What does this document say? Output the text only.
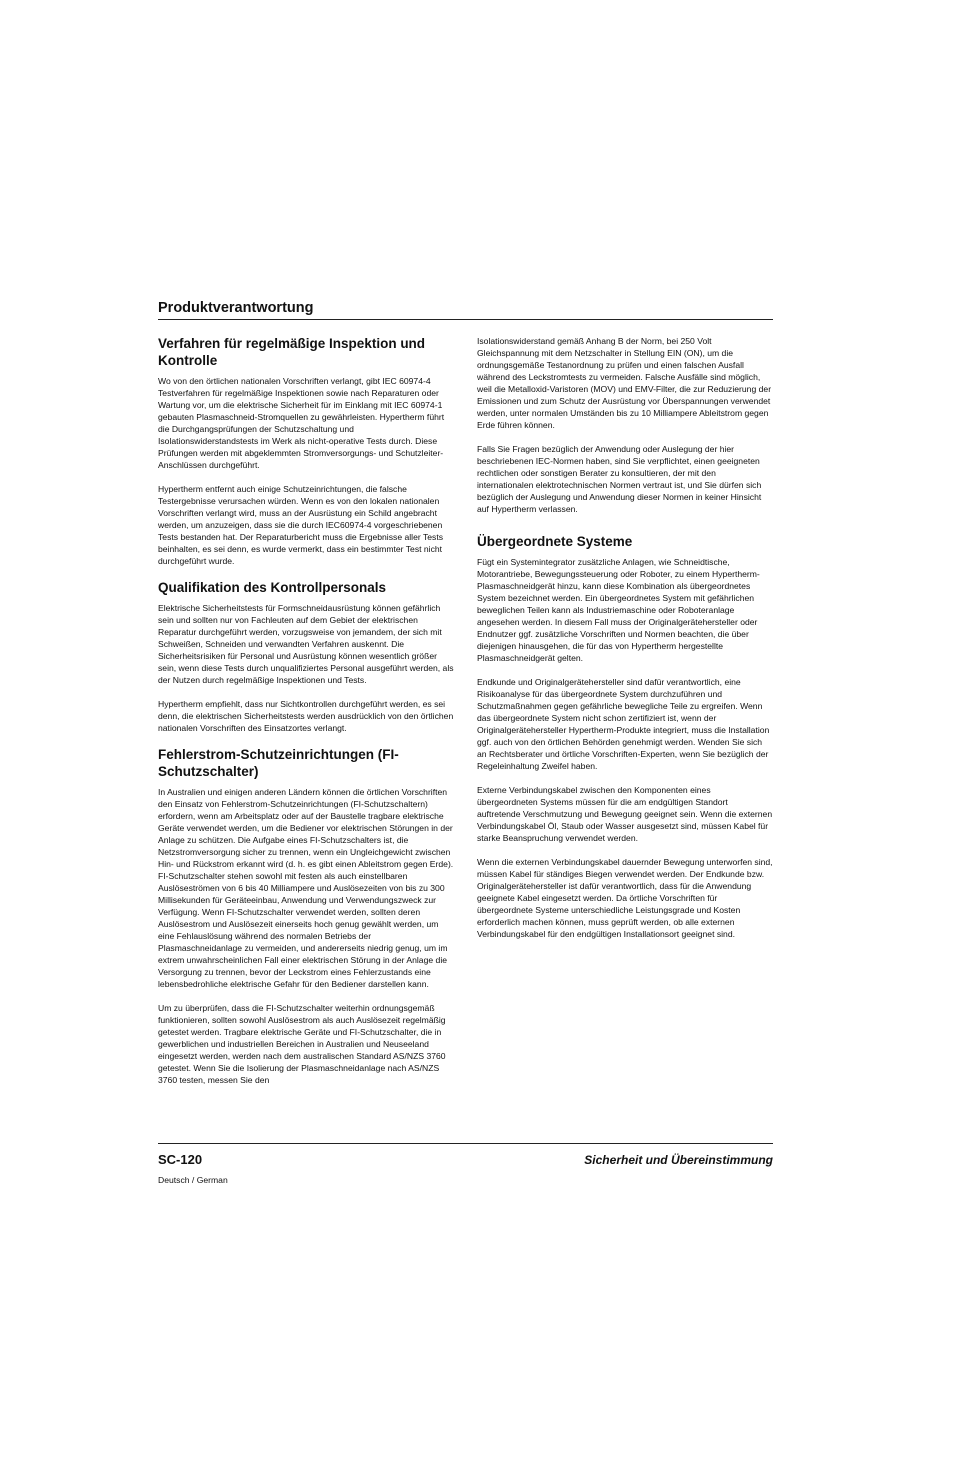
Produktverantwortung
Verfahren für regelmäßige Inspektion und Kontrolle

Wo von den örtlichen nationalen Vorschriften verlangt, gibt IEC 60974-4 Testverfahren für regelmäßige Inspektionen sowie nach Reparaturen oder Wartung vor, um die elektrische Sicherheit für im Einklang mit IEC 60974-1 gebauten Plasmaschneid-Stromquellen zu gewährleisten. Hypertherm führt die Durchgangsprüfungen der Schutzschaltung und Isolationswiderstandstests im Werk als nicht-operative Tests durch. Diese Prüfungen werden mit abgeklemmten Stromversorgungs- und Schutzleiter-Anschlüssen durchgeführt.

Hypertherm entfernt auch einige Schutzeinrichtungen, die falsche Testergebnisse verursachen würden. Wenn es von den lokalen nationalen Vorschriften verlangt wird, muss an der Ausrüstung ein Schild angebracht werden, um anzuzeigen, dass sie die durch IEC60974-4 vorgeschriebenen Tests bestanden hat. Der Reparaturbericht muss die Ergebnisse aller Tests beinhalten, es sei denn, es wurde vermerkt, dass ein bestimmter Test nicht durchgeführt wurde.

Qualifikation des Kontrollpersonals

Elektrische Sicherheitstests für Formschneidausrüstung können gefährlich sein und sollten nur von Fachleuten auf dem Gebiet der elektrischen Reparatur durchgeführt werden, vorzugsweise von jemandem, der sich mit Schweißen, Schneiden und verwandten Verfahren auskennt. Die Sicherheitsrisiken für Personal und Ausrüstung können wesentlich größer sein, wenn diese Tests durch unqualifiziertes Personal ausgeführt werden, als der Nutzen durch regelmäßige Inspektionen und Tests.

Hypertherm empfiehlt, dass nur Sichtkontrollen durchgeführt werden, es sei denn, die elektrischen Sicherheitstests werden ausdrücklich von den örtlichen nationalen Vorschriften des Einsatzortes verlangt.

Fehlerstrom-Schutzeinrichtungen (FI-Schutzschalter)

In Australien und einigen anderen Ländern können die örtlichen Vorschriften den Einsatz von Fehlerstrom-Schutzeinrichtungen (FI-Schutzschaltern) erfordern, wenn am Arbeitsplatz oder auf der Baustelle tragbare elektrische Geräte verwendet werden, um die Bediener vor elektrischen Störungen in der Anlage zu schützen. Die Aufgabe eines FI-Schutzschalters ist, die Netzstromversorgung sicher zu trennen, wenn ein Ungleichgewicht zwischen Hin- und Rückstrom erkannt wird (d. h. es gibt einen Ableitstrom gegen Erde). FI-Schutzschalter stehen sowohl mit festen als auch einstellbaren Auslöseströmen von 6 bis 40 Milliampere und Auslösezeiten von bis zu 300 Millisekunden für Geräteeinbau, Anwendung und Verwendungszweck zur Verfügung. Wenn FI-Schutzschalter verwendet werden, sollten deren Auslösestrom und Auslösezeit einerseits hoch genug gewählt werden, um eine Fehlauslösung während des normalen Betriebs der Plasmaschneidanlage zu vermeiden, und andererseits niedrig genug, um im extrem unwahrscheinlichen Fall einer elektrischen Störung in der Anlage die Versorgung zu trennen, bevor der Leckstrom eines Fehlerzustands eine lebensbedrohliche elektrische Gefahr für den Bediener darstellen kann.

Um zu überprüfen, dass die FI-Schutzschalter weiterhin ordnungsgemäß funktionieren, sollten sowohl Auslösestrom als auch Auslösezeit regelmäßig getestet werden. Tragbare elektrische Geräte und FI-Schutzschalter, die in gewerblichen und industriellen Bereichen in Australien und Neuseeland eingesetzt werden, werden nach dem australischen Standard AS/NZS 3760 getestet. Wenn Sie die Isolierung der Plasmaschneidanlage nach AS/NZS 3760 testen, messen Sie den

Isolationswiderstand gemäß Anhang B der Norm, bei 250 Volt Gleichspannung mit dem Netzschalter in Stellung EIN (ON), um die ordnungsgemäße Testanordnung zu prüfen und einen falschen Ausfall während des Leckstromtests zu vermeiden. Falsche Ausfälle sind möglich, weil die Metalloxid-Varistoren (MOV) und EMV-Filter, die zur Reduzierung der Emissionen und zum Schutz der Ausrüstung vor Überspannungen verwendet werden, unter normalen Umständen bis zu 10 Milliampere Ableitstrom gegen Erde führen können.

Falls Sie Fragen bezüglich der Anwendung oder Auslegung der hier beschriebenen IEC-Normen haben, sind Sie verpflichtet, einen geeigneten rechtlichen oder sonstigen Berater zu konsultieren, der mit den internationalen elektrotechnischen Normen vertraut ist, und Sie dürfen sich bezüglich der Auslegung und Anwendung dieser Normen in keiner Hinsicht auf Hypertherm verlassen.

Übergeordnete Systeme

Fügt ein Systemintegrator zusätzliche Anlagen, wie Schneidtische, Motorantriebe, Bewegungssteuerung oder Roboter, zu einem Hypertherm-Plasmaschneidgerät hinzu, kann diese Kombination als übergeordnetes System bezeichnet werden. Ein übergeordnetes System mit gefährlichen beweglichen Teilen kann als Industriemaschine oder Roboteranlage angesehen werden. In diesem Fall muss der Originalgerätehersteller oder Endnutzer ggf. zusätzliche Vorschriften und Normen beachten, die über diejenigen hinausgehen, die für das von Hypertherm hergestellte Plasmaschneidgerät gelten.

Endkunde und Originalgerätehersteller sind dafür verantwortlich, eine Risikoanalyse für das übergeordnete System durchzuführen und Schutzmaßnahmen gegen gefährliche bewegliche Teile zu ergreifen. Wenn das übergeordnete System nicht schon zertifiziert ist, wenn der Originalgerätehersteller Hypertherm-Produkte integriert, muss die Installation ggf. auch von den örtlichen Behörden genehmigt werden. Wenden Sie sich an Rechtsberater und örtliche Vorschriften-Experten, wenn Sie bezüglich der Regeleinhaltung Zweifel haben.

Externe Verbindungskabel zwischen den Komponenten eines übergeordneten Systems müssen für die am endgültigen Standort auftretende Verschmutzung und Bewegung geeignet sein. Wenn die externen Verbindungskabel Öl, Staub oder Wasser ausgesetzt sind, müssen Kabel für starke Beanspruchung verwendet werden.

Wenn die externen Verbindungskabel dauernder Bewegung unterworfen sind, müssen Kabel für ständiges Biegen verwendet werden. Der Endkunde bzw. Originalgerätehersteller ist dafür verantwortlich, dass für die Anwendung geeignete Kabel eingesetzt werden. Da örtliche Vorschriften für übergeordnete Systeme unterschiedliche Leistungsgrade und Kosten erforderlich machen können, muss geprüft werden, ob alle externen Verbindungskabel für den endgültigen Installationsort geeignet sind.

SC-120
Deutsch / German
Sicherheit und Übereinstimmung
